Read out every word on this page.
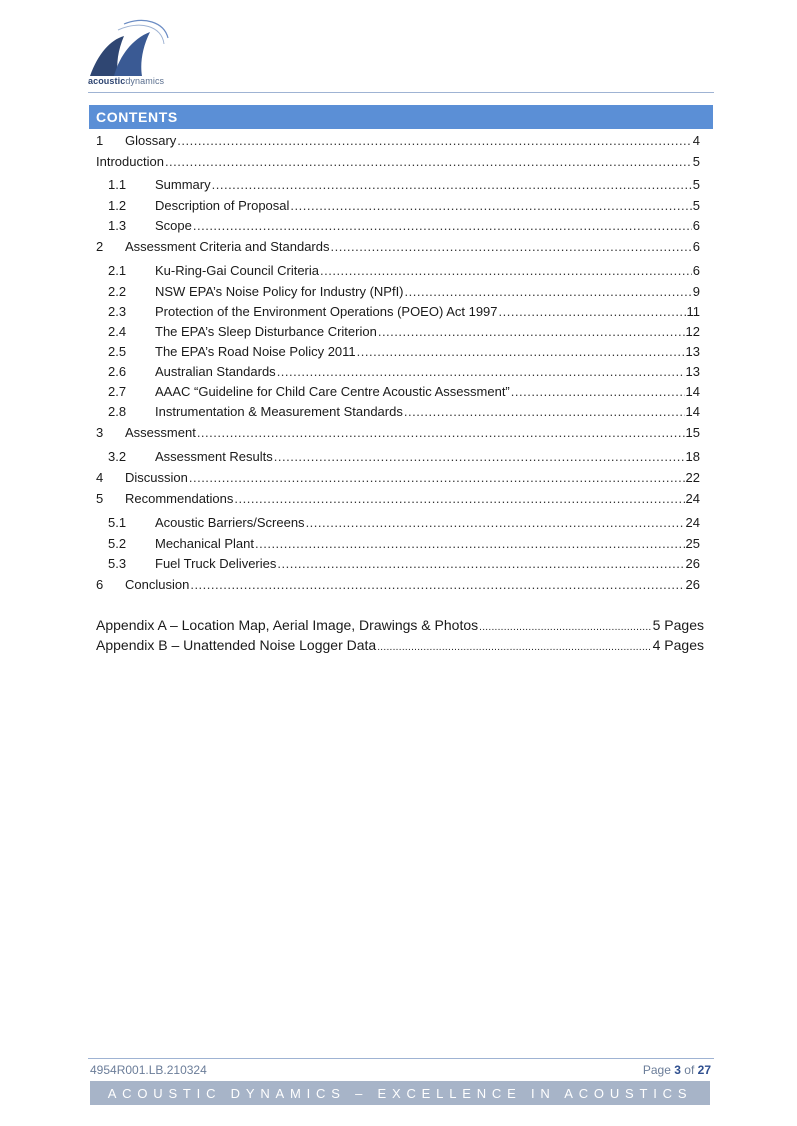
acousticdynamics
CONTENTS
1	Glossary .....	4
Introduction .....	5
1.1	Summary .....	5
1.2	Description of Proposal .....	5
1.3	Scope .....	6
2	Assessment Criteria and Standards .....	6
2.1	Ku-Ring-Gai Council Criteria .....	6
2.2	NSW EPA’s Noise Policy for Industry (NPfI) .....	9
2.3	Protection of the Environment Operations (POEO) Act 1997 .....	11
2.4	The EPA’s Sleep Disturbance Criterion .....	12
2.5	The EPA’s Road Noise Policy 2011 .....	13
2.6	Australian Standards .....	13
2.7	AAAC “Guideline for Child Care Centre Acoustic Assessment” .....	14
2.8	Instrumentation & Measurement Standards .....	14
3	Assessment .....	15
3.2	Assessment Results .....	18
4	Discussion .....	22
5	Recommendations .....	24
5.1	Acoustic Barriers/Screens .....	24
5.2	Mechanical Plant .....	25
5.3	Fuel Truck Deliveries .....	26
6	Conclusion .....	26
Appendix A – Location Map, Aerial Image, Drawings & Photos .....	5 Pages
Appendix B – Unattended Noise Logger Data .....	4 Pages
4954R001.LB.210324	Page 3 of 27
ACOUSTIC DYNAMICS – EXCELLENCE IN ACOUSTICS
